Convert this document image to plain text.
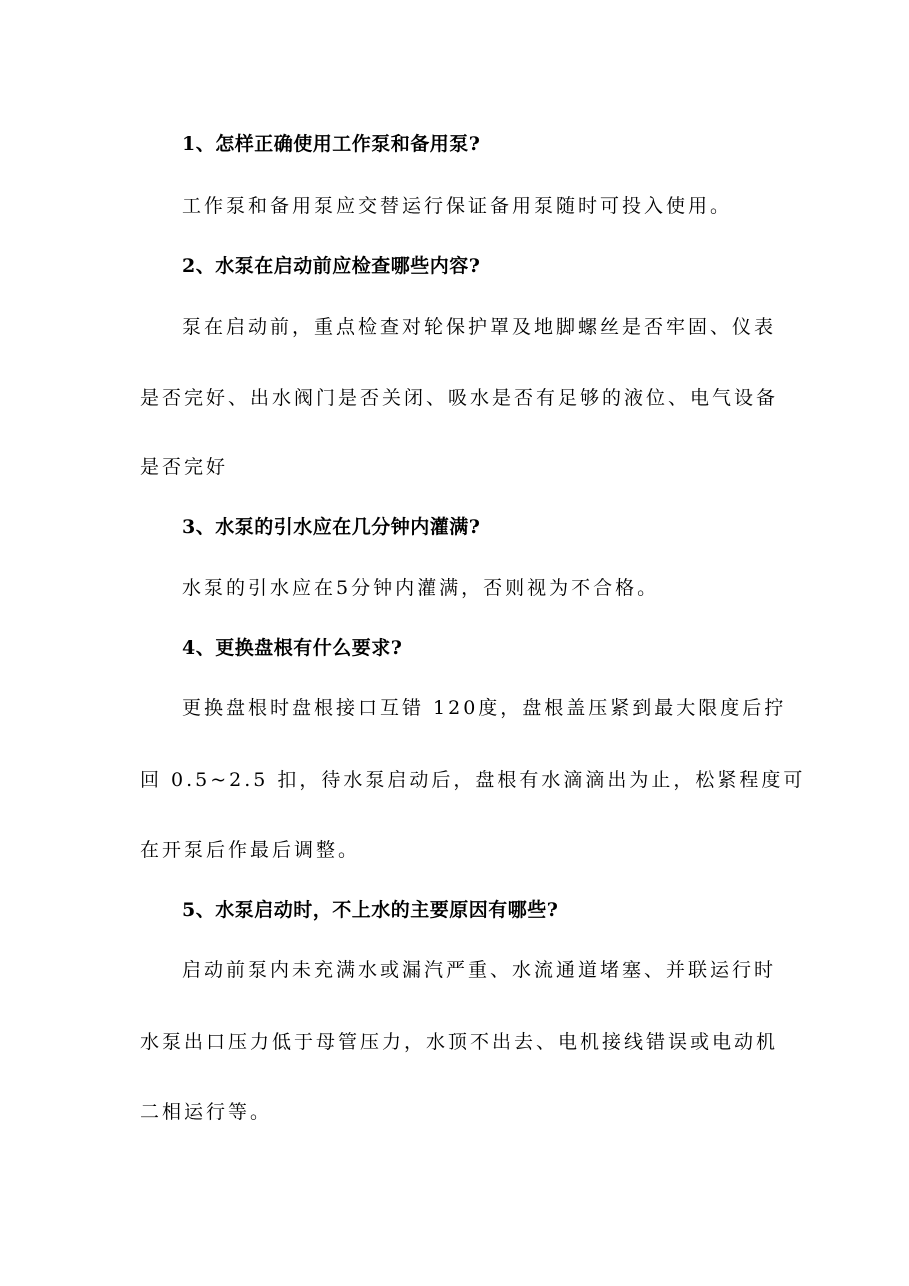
1、怎样正确使用工作泵和备用泵?
工作泵和备用泵应交替运行保证备用泵随时可投入使用。
2、水泵在启动前应检查哪些内容?
泵在启动前，重点检查对轮保护罩及地脚螺丝是否牢固、仪表
是否完好、出水阀门是否关闭、吸水是否有足够的液位、电气设备
是否完好
3、水泵的引水应在几分钟内灌满?
水泵的引水应在5分钟内灌满，否则视为不合格。
4、更换盘根有什么要求?
更换盘根时盘根接口互错 120度，盘根盖压紧到最大限度后拧
回 0.5~2.5 扣，待水泵启动后，盘根有水滴滴出为止，松紧程度可
在开泵后作最后调整。
5、水泵启动时，不上水的主要原因有哪些?
启动前泵内未充满水或漏汽严重、水流通道堵塞、并联运行时
水泵出口压力低于母管压力，水顶不出去、电机接线错误或电动机
二相运行等。
